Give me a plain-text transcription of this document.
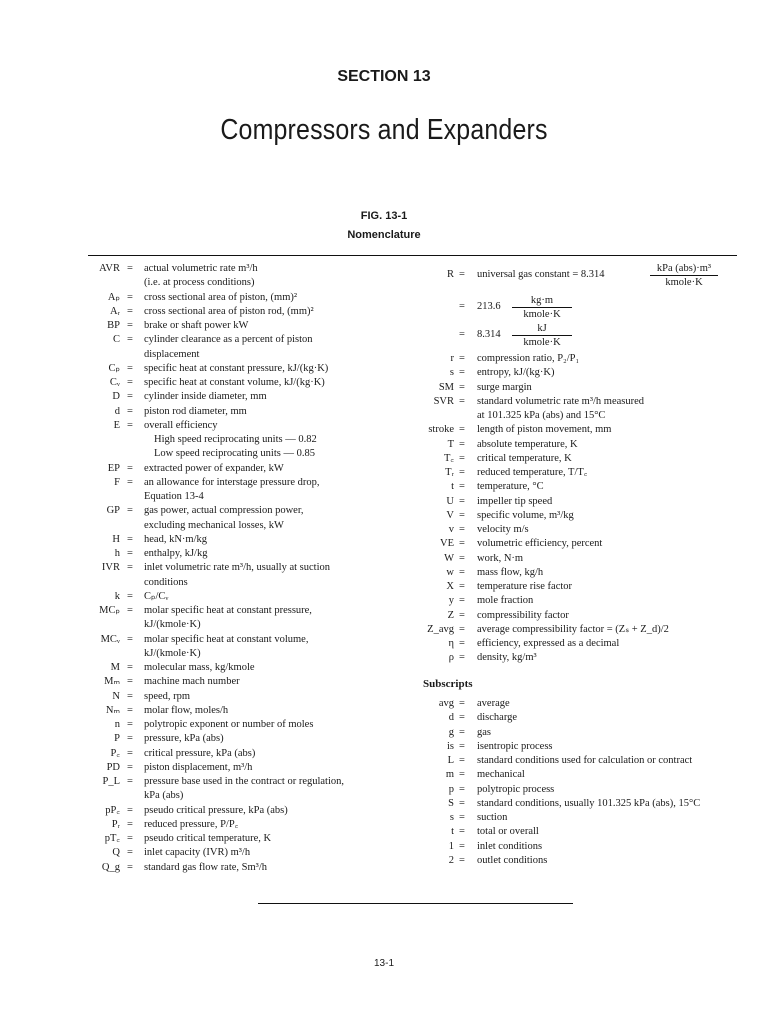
SECTION 13
Compressors and Expanders
FIG. 13-1
Nomenclature
AVR = actual volumetric rate m³/h
(i.e. at process conditions)
Aₚ = cross sectional area of piston, (mm)²
Aᵣ = cross sectional area of piston rod, (mm)²
BP = brake or shaft power kW
C = cylinder clearance as a percent of piston
displacement
Cₚ = specific heat at constant pressure, kJ/(kg·K)
Cᵥ = specific heat at constant volume, kJ/(kg·K)
D = cylinder inside diameter, mm
d = piston rod diameter, mm
E = overall efficiency
High speed reciprocating units — 0.82
Low speed reciprocating units — 0.85
EP = extracted power of expander, kW
F = an allowance for interstage pressure drop,
Equation 13-4
GP = gas power, actual compression power,
excluding mechanical losses, kW
H = head, kN·m/kg
h = enthalpy, kJ/kg
IVR = inlet volumetric rate m³/h, usually at suction
conditions
k = Cₚ/Cᵥ
MCₚ = molar specific heat at constant pressure,
kJ/(kmole·K)
MCᵥ = molar specific heat at constant volume,
kJ/(kmole·K)
M = molecular mass, kg/kmole
Mₘ = machine mach number
N = speed, rpm
Nₘ = molar flow, moles/h
n = polytropic exponent or number of moles
P = pressure, kPa (abs)
P꜀ = critical pressure, kPa (abs)
PD = piston displacement, m³/h
P_L = pressure base used in the contract or regulation,
kPa (abs)
pP꜀ = pseudo critical pressure, kPa (abs)
Pᵣ = reduced pressure, P/P꜀
pT꜀ = pseudo critical temperature, K
Q = inlet capacity (IVR) m³/h
Q_g = standard gas flow rate, Sm³/h
R = universal gas constant = 8.314
kPa (abs)·m³
kmole·K
= 213.6
kg·m
kmole·K
= 8.314
kJ
kmole·K
r = compression ratio, P₂/P₁
s = entropy, kJ/(kg·K)
SM = surge margin
SVR = standard volumetric rate m³/h measured
at 101.325 kPa (abs) and 15°C
stroke = length of piston movement, mm
T = absolute temperature, K
T꜀ = critical temperature, K
Tᵣ = reduced temperature, T/T꜀
t = temperature, °C
U = impeller tip speed
V = specific volume, m³/kg
v = velocity m/s
VE = volumetric efficiency, percent
W = work, N·m
w = mass flow, kg/h
X = temperature rise factor
y = mole fraction
Z = compressibility factor
Z_avg = average compressibility factor = (Zₛ + Z_d)/2
η = efficiency, expressed as a decimal
ρ = density, kg/m³
Subscripts
avg = average
d = discharge
g = gas
is = isentropic process
L = standard conditions used for calculation or contract
m = mechanical
p = polytropic process
S = standard conditions, usually 101.325 kPa (abs), 15°C
s = suction
t = total or overall
1 = inlet conditions
2 = outlet conditions
13-1
